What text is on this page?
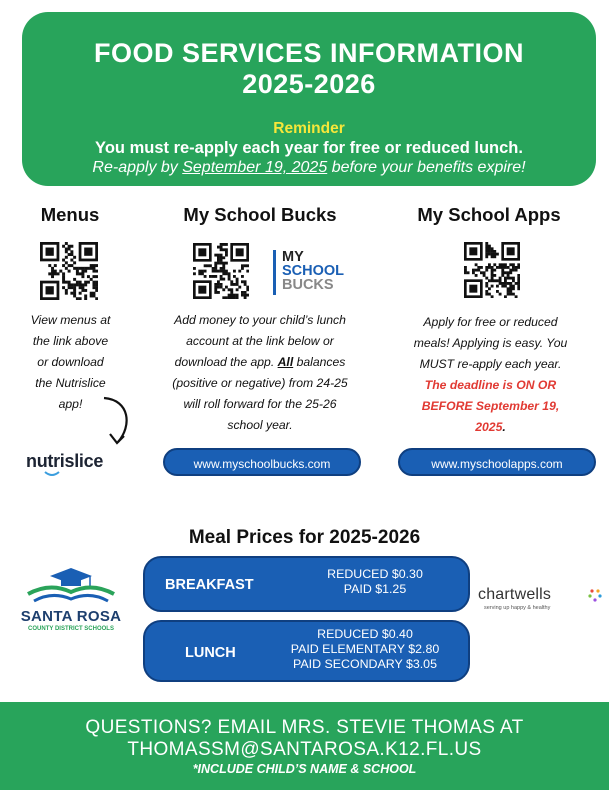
FOOD SERVICES INFORMATION
2025-2026
Reminder
You must re-apply each year for free or reduced lunch.
Re-apply by September 19, 2025 before your benefits expire!
Menus
View menus at
the link above
or download
the Nutrislice
app!
nutrislice
My School Bucks
MY
SCHOOL
BUCKS
Add money to your child’s lunch
account at the link below or
download the app. All balances
(positive or negative) from 24-25
will roll forward for the 25-26
school year.
www.myschoolbucks.com
My School Apps
Apply for free or reduced
meals! Applying is easy. You
MUST re-apply each year.
The deadline is ON OR
BEFORE September 19,
2025.
www.myschoolapps.com
Meal Prices for 2025-2026
BREAKFAST
REDUCED $0.30
PAID $1.25
LUNCH
REDUCED $0.40
PAID ELEMENTARY $2.80
PAID SECONDARY $3.05
SANTA ROSA
COUNTY DISTRICT SCHOOLS
chartwells
serving up happy & healthy
QUESTIONS? EMAIL MRS. STEVIE THOMAS AT
THOMASSM@SANTAROSA.K12.FL.US
*INCLUDE CHILD’S NAME & SCHOOL
